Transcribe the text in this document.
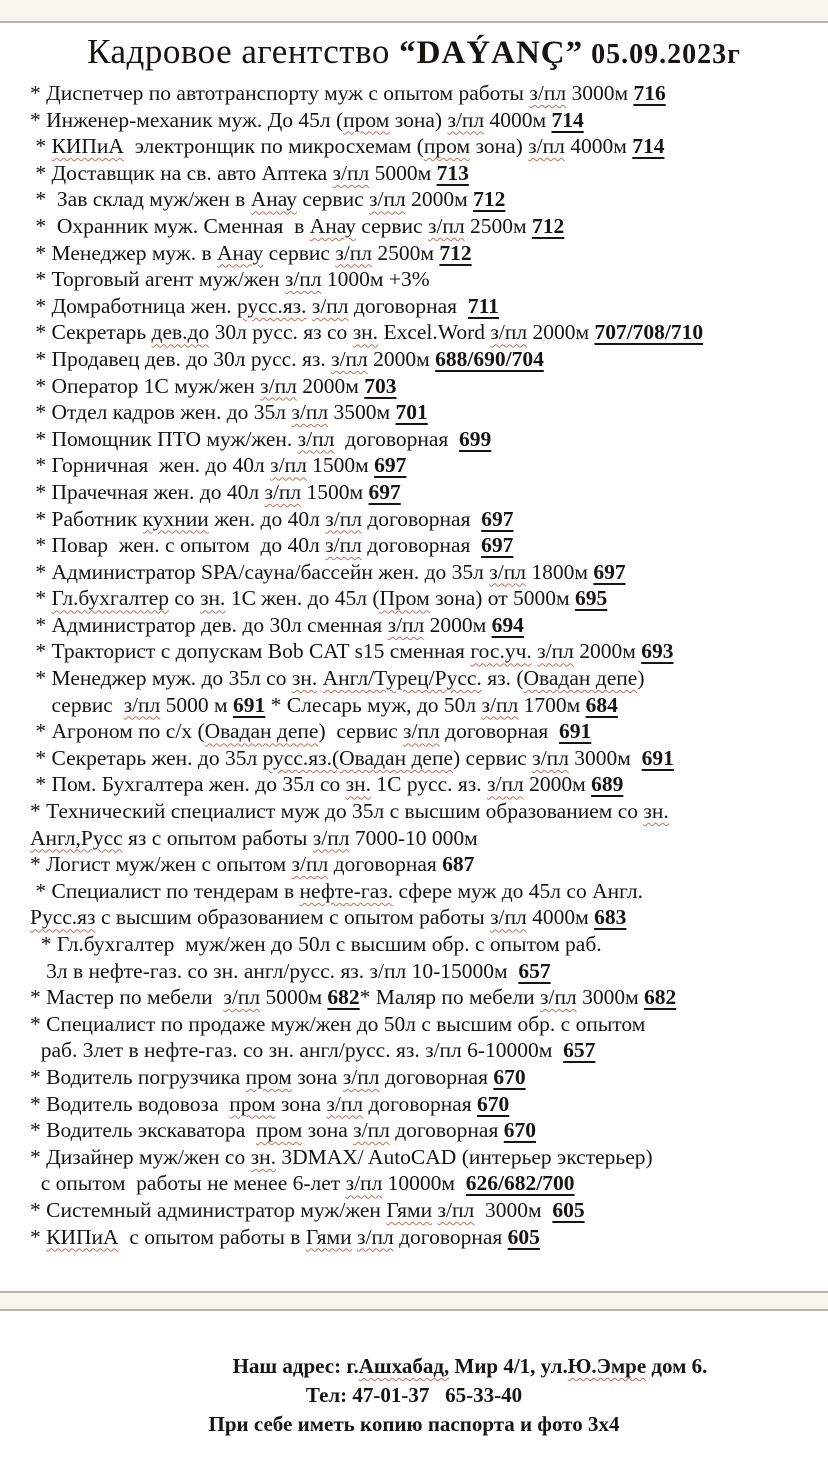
Кадровое агентство “DAÝANÇ” 05.09.2023г
* Диспетчер по автотранспорту муж с опытом работы з/пл 3000м 716
* Инженер-механик муж. До 45л (пром зона) з/пл 4000м 714
* КИПиА  электронщик по микросхемам (пром зона) з/пл 4000м 714
* Доставщик на св. авто Аптека з/пл 5000м 713
*  Зав склад муж/жен в Анау сервис з/пл 2000м 712
*  Охранник муж. Сменная  в Анау сервис з/пл 2500м 712
* Менеджер муж. в Анау сервис з/пл 2500м 712
* Торговый агент муж/жен з/пл 1000м +3%
* Домработница жен. русс.яз. з/пл договорная  711
* Секретарь дев.до 30л русс. яз со зн. Excel.Word з/пл 2000м 707/708/710
* Продавец дев. до 30л русс. яз. з/пл 2000м 688/690/704
* Оператор 1С муж/жен з/пл 2000м 703
* Отдел кадров жен. до 35л з/пл 3500м 701
* Помощник ПТО муж/жен. з/пл  договорная  699
* Горничная  жен. до 40л з/пл 1500м 697
* Прачечная жен. до 40л з/пл 1500м 697
* Работник кухнии жен. до 40л з/пл договорная  697
* Повар  жен. с опытом  до 40л з/пл договорная  697
* Администратор SPA/сауна/бассейн жен. до 35л з/пл 1800м 697
* Гл.бухгалтер со зн. 1С жен. до 45л (Пром зона) от 5000м 695
* Администратор дев. до 30л сменная з/пл 2000м 694
* Тракторист с допускам Bob CAT s15 сменная гос.уч. з/пл 2000м 693
* Менеджер муж. до 35л со зн. Англ/Турец/Русс. яз. (Овадан депе)
сервис  з/пл 5000 м 691 * Слесарь муж, до 50л з/пл 1700м 684
* Агроном по с/х (Овадан депе)  сервис з/пл договорная  691
* Секретарь жен. до 35л русс.яз.(Овадан депе) сервис з/пл 3000м  691
* Пом. Бухгалтера жен. до 35л со зн. 1С русс. яз. з/пл 2000м 689
* Технический специалист муж до 35л с высшим образованием со зн.
Англ,Русс яз с опытом работы з/пл 7000-10 000м
* Логист муж/жен с опытом з/пл договорная 687
* Специалист по тендерам в нефте-газ. сфере муж до 45л со Англ.
Русс.яз с высшим образованием с опытом работы з/пл 4000м 683
* Гл.бухгалтер  муж/жен до 50л с высшим обр. с опытом раб.
3л в нефте-газ. со зн. англ/русс. яз. з/пл 10-15000м  657
* Мастер по мебели  з/пл 5000м 682* Маляр по мебели з/пл 3000м 682
* Специалист по продаже муж/жен до 50л с высшим обр. с опытом
раб. 3лет в нефте-газ. со зн. англ/русс. яз. з/пл 6-10000м  657
* Водитель погрузчика пром зона з/пл договорная 670
* Водитель водовоза  пром зона з/пл договорная 670
* Водитель экскаватора  пром зона з/пл договорная 670
* Дизайнер муж/жен со зн. 3DMAX/ AutoCAD (интерьер экстерьер)
с опытом  работы не менее 6-лет з/пл 10000м  626/682/700
* Системный администратор муж/жен Гями з/пл  3000м  605
* КИПиА  с опытом работы в Гями з/пл договорная 605
Наш адрес: г.Ашхабад, Мир 4/1, ул.Ю.Эмре дом 6.
Тел: 47-01-37   65-33-40
При себе иметь копию паспорта и фото 3х4
